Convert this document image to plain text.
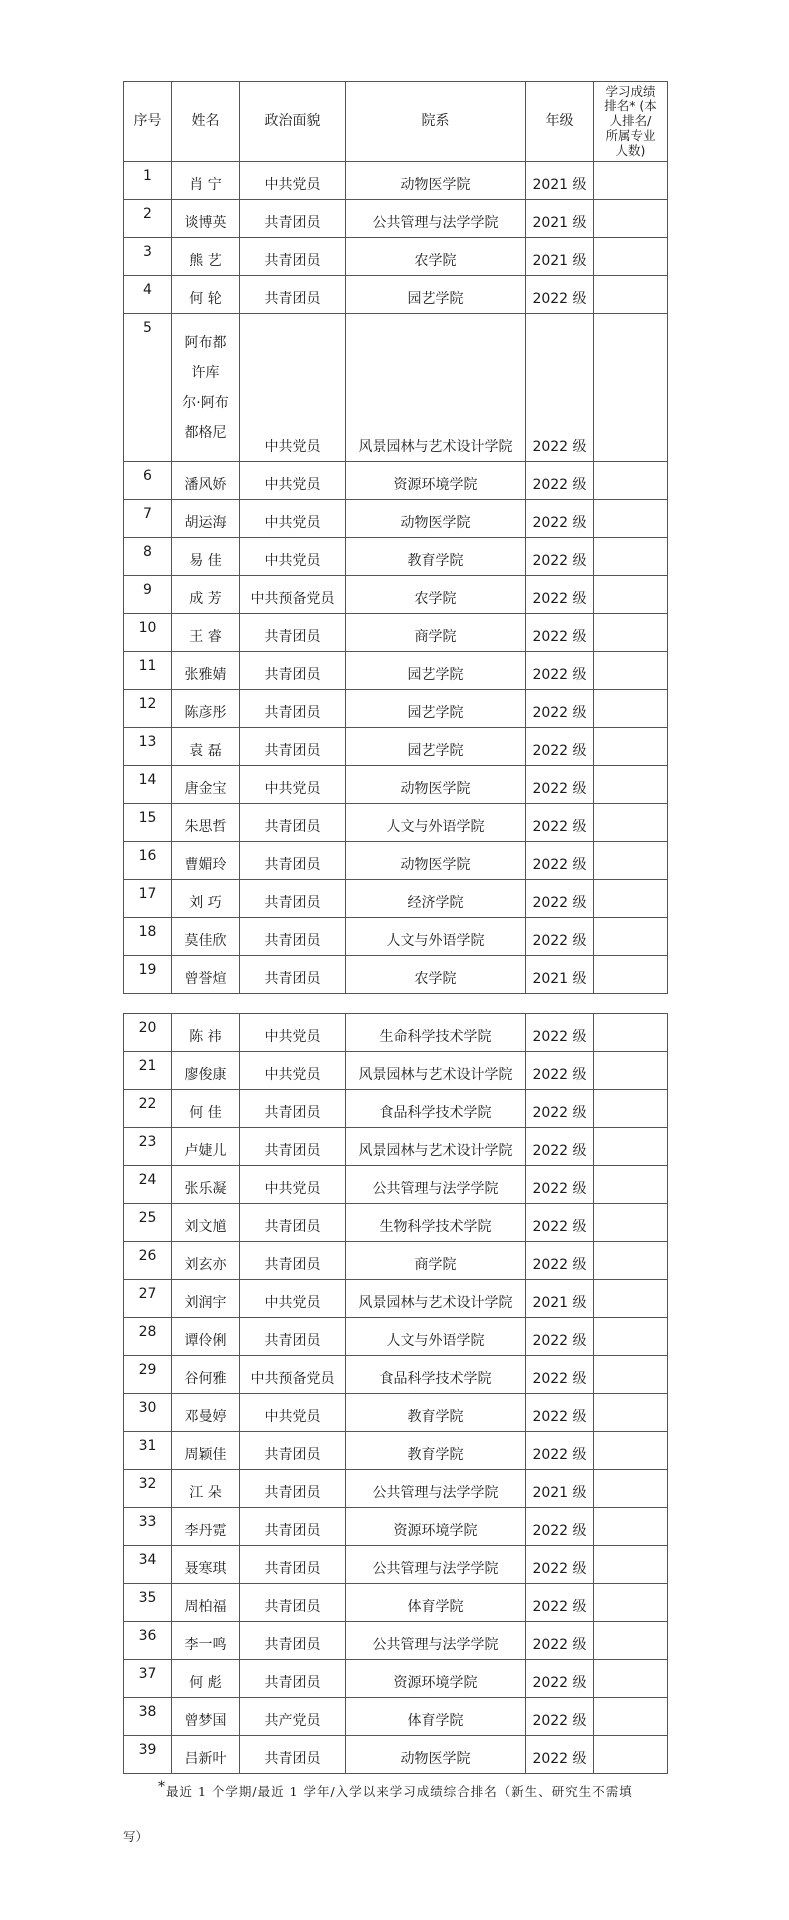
序号	姓名	政治面貌	院系	年级	学习成绩
排名* (本
人排名/
所属专业
人数)

1	肖 宁	中共党员	动物医学院	2021 级	
2	谈博英	共青团员	公共管理与法学学院	2021 级	
3	熊 艺	共青团员	农学院	2021 级	
4	何 轮	共青团员	园艺学院	2022 级	
5	阿布都
许库
尔·阿布
都格尼	中共党员	风景园林与艺术设计学院	2022 级	
6	潘风娇	中共党员	资源环境学院	2022 级	
7	胡运海	中共党员	动物医学院	2022 级	
8	易 佳	中共党员	教育学院	2022 级	
9	成 芳	中共预备党员	农学院	2022 级	
10	王 睿	共青团员	商学院	2022 级	
11	张雅婧	共青团员	园艺学院	2022 级	
12	陈彦彤	共青团员	园艺学院	2022 级	
13	袁 磊	共青团员	园艺学院	2022 级	
14	唐金宝	中共党员	动物医学院	2022 级	
15	朱思哲	共青团员	人文与外语学院	2022 级	
16	曹媚玲	共青团员	动物医学院	2022 级	
17	刘 巧	共青团员	经济学院	2022 级	
18	莫佳欣	共青团员	人文与外语学院	2022 级	
19	曾誉煊	共青团员	农学院	2021 级	
20	陈 祎	中共党员	生命科学技术学院	2022 级	
21	廖俊康	中共党员	风景园林与艺术设计学院	2022 级	
22	何 佳	共青团员	食品科学技术学院	2022 级	
23	卢婕儿	共青团员	风景园林与艺术设计学院	2022 级	
24	张乐凝	中共党员	公共管理与法学学院	2022 级	
25	刘文馗	共青团员	生物科学技术学院	2022 级	
26	刘玄亦	共青团员	商学院	2022 级	
27	刘润宇	中共党员	风景园林与艺术设计学院	2021 级	
28	谭伶俐	共青团员	人文与外语学院	2022 级	
29	谷何雅	中共预备党员	食品科学技术学院	2022 级	
30	邓曼婷	中共党员	教育学院	2022 级	
31	周颖佳	共青团员	教育学院	2022 级	
32	江 朵	共青团员	公共管理与法学学院	2021 级	
33	李丹霓	共青团员	资源环境学院	2022 级	
34	聂寒琪	共青团员	公共管理与法学学院	2022 级	
35	周柏福	共青团员	体育学院	2022 级	
36	李一鸣	共青团员	公共管理与法学学院	2022 级	
37	何 彪	共青团员	资源环境学院	2022 级	
38	曾梦国	共产党员	体育学院	2022 级	
39	吕新叶	共青团员	动物医学院	2022 级	
*最近 1 个学期/最近 1 学年/入学以来学习成绩综合排名（新生、研究生不需填
写）
